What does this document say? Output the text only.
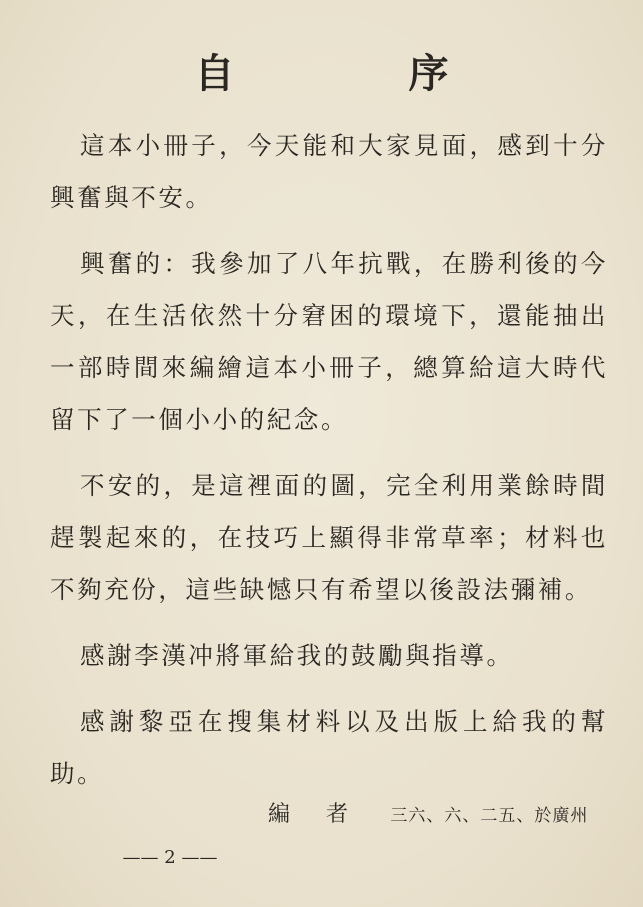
自 序

這本小冊子，今天能和大家見面，感到十分興奮與不安。

興奮的：我參加了八年抗戰，在勝利後的今天，在生活依然十分窘困的環境下，還能抽出一部時間來編繪這本小冊子，總算給這大時代留下了一個小小的紀念。

不安的，是這裡面的圖，完全利用業餘時間趕製起來的，在技巧上顯得非常草率；材料也不夠充份，這些缺憾只有希望以後設法彌補。

感謝李漢冲將軍給我的鼓勵與指導。

感謝黎亞在搜集材料以及出版上給我的幫助。

編者 三六、六、二五、於廣州
—— 2 ——
